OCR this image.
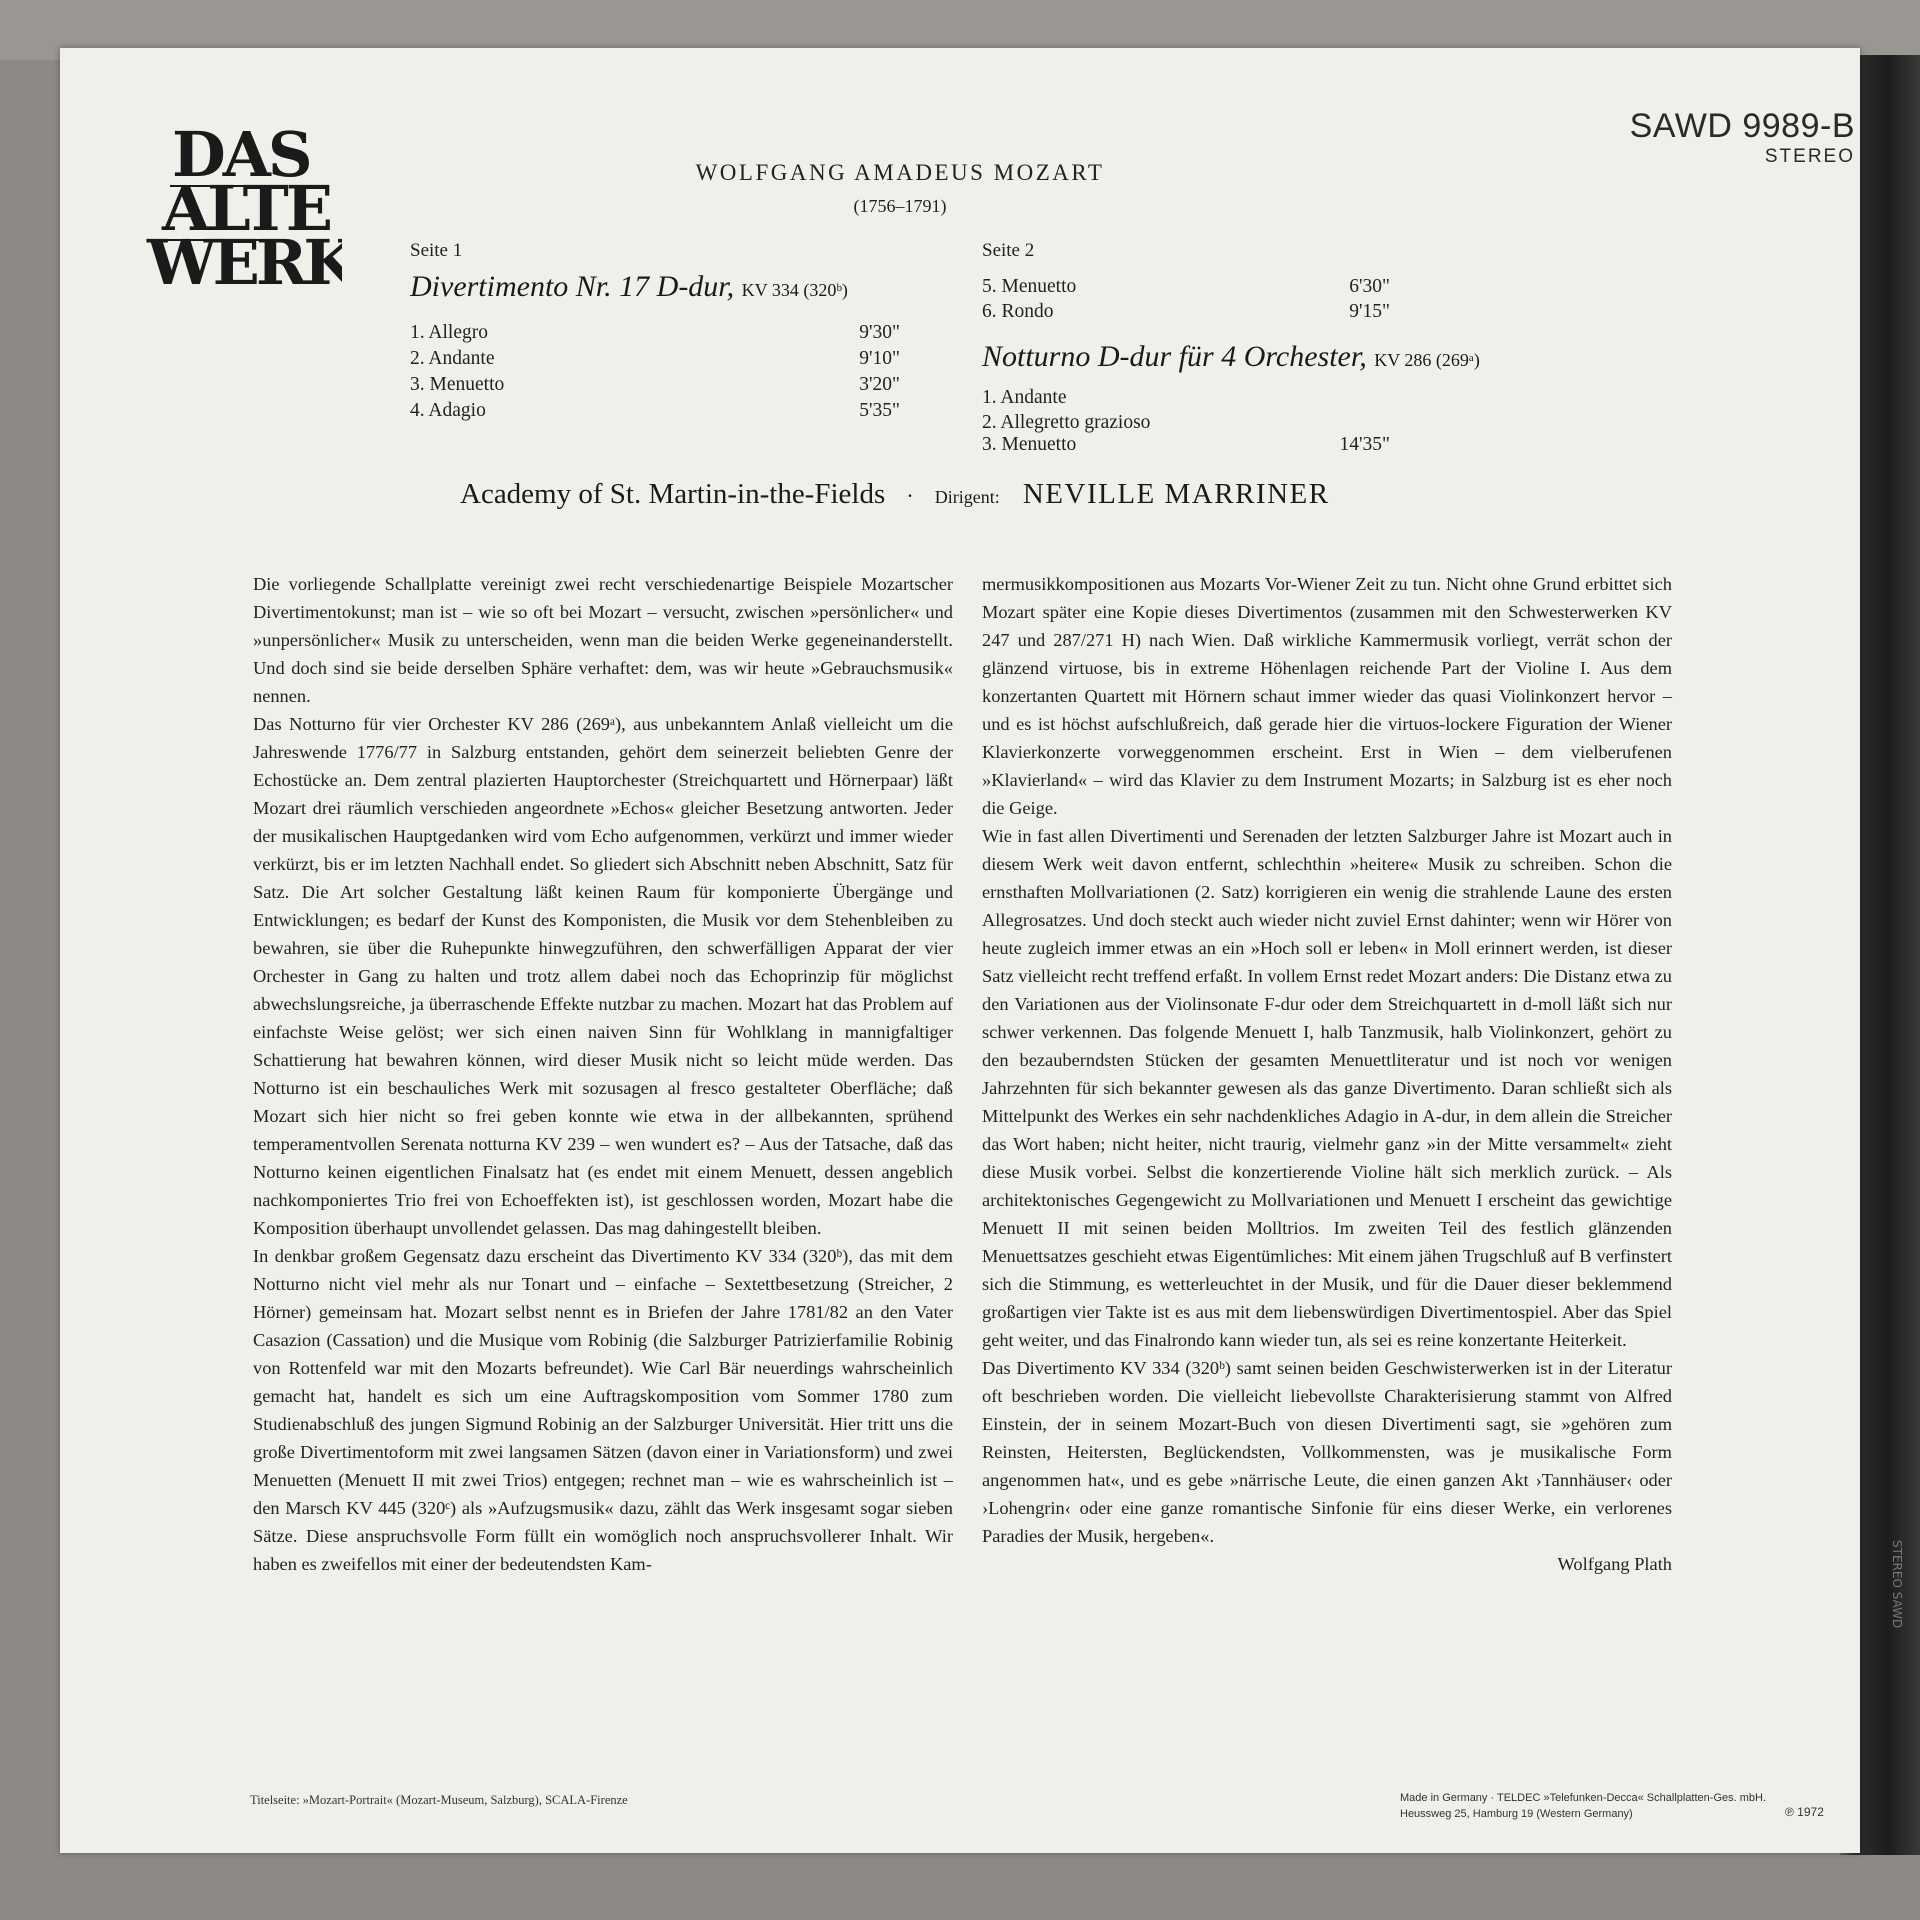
STEREO SAWD
DAS
ALTE
WERK
SAWD 9989-B
STEREO
WOLFGANG AMADEUS MOZART
(1756–1791)
Seite 1
Divertimento Nr. 17 D-dur, KV 334 (320ᵇ)
1. Allegro	9'30"
2. Andante	9'10"
3. Menuetto	3'20"
4. Adagio	5'35"
Seite 2
5. Menuetto	6'30"
6. Rondo	9'15"
Notturno D-dur für 4 Orchester, KV 286 (269ᵃ)
1. Andante
2. Allegretto grazioso
3. Menuetto	14'35"
Academy of St. Martin-in-the-Fields · Dirigent: NEVILLE MARRINER

Die vorliegende Schallplatte vereinigt zwei recht verschiedenartige Beispiele Mozartscher Divertimentokunst; man ist – wie so oft bei Mozart – versucht, zwischen »persönlicher« und »unpersönlicher« Musik zu unterscheiden, wenn man die beiden Werke gegeneinanderstellt. Und doch sind sie beide derselben Sphäre verhaftet: dem, was wir heute »Gebrauchsmusik« nennen.

Das Notturno für vier Orchester KV 286 (269ᵃ), aus unbekanntem Anlaß vielleicht um die Jahreswende 1776/77 in Salzburg entstanden, gehört dem seinerzeit beliebten Genre der Echostücke an. Dem zentral plazierten Hauptorchester (Streichquartett und Hörnerpaar) läßt Mozart drei räumlich verschieden angeordnete »Echos« gleicher Besetzung antworten. Jeder der musikalischen Hauptgedanken wird vom Echo aufgenommen, verkürzt und immer wieder verkürzt, bis er im letzten Nachhall endet. So gliedert sich Abschnitt neben Abschnitt, Satz für Satz. Die Art solcher Gestaltung läßt keinen Raum für komponierte Übergänge und Entwicklungen; es bedarf der Kunst des Komponisten, die Musik vor dem Stehenbleiben zu bewahren, sie über die Ruhepunkte hinwegzuführen, den schwerfälligen Apparat der vier Orchester in Gang zu halten und trotz allem dabei noch das Echoprinzip für möglichst abwechslungsreiche, ja überraschende Effekte nutzbar zu machen. Mozart hat das Problem auf einfachste Weise gelöst; wer sich einen naiven Sinn für Wohlklang in mannigfaltiger Schattierung hat bewahren können, wird dieser Musik nicht so leicht müde werden. Das Notturno ist ein beschauliches Werk mit sozusagen al fresco gestalteter Oberfläche; daß Mozart sich hier nicht so frei geben konnte wie etwa in der allbekannten, sprühend temperamentvollen Serenata notturna KV 239 – wen wundert es? – Aus der Tatsache, daß das Notturno keinen eigentlichen Finalsatz hat (es endet mit einem Menuett, dessen angeblich nachkomponiertes Trio frei von Echoeffekten ist), ist geschlossen worden, Mozart habe die Komposition überhaupt unvollendet gelassen. Das mag dahingestellt bleiben.

In denkbar großem Gegensatz dazu erscheint das Divertimento KV 334 (320ᵇ), das mit dem Notturno nicht viel mehr als nur Tonart und – einfache – Sextettbesetzung (Streicher, 2 Hörner) gemeinsam hat. Mozart selbst nennt es in Briefen der Jahre 1781/82 an den Vater Casazion (Cassation) und die Musique vom Robinig (die Salzburger Patrizierfamilie Robinig von Rottenfeld war mit den Mozarts befreundet). Wie Carl Bär neuerdings wahrscheinlich gemacht hat, handelt es sich um eine Auftragskomposition vom Sommer 1780 zum Studienabschluß des jungen Sigmund Robinig an der Salzburger Universität. Hier tritt uns die große Divertimentoform mit zwei langsamen Sätzen (davon einer in Variationsform) und zwei Menuetten (Menuett II mit zwei Trios) entgegen; rechnet man – wie es wahrscheinlich ist – den Marsch KV 445 (320ᶜ) als »Aufzugsmusik« dazu, zählt das Werk insgesamt sogar sieben Sätze. Diese anspruchsvolle Form füllt ein womöglich noch anspruchsvollerer Inhalt. Wir haben es zweifellos mit einer der bedeutendsten Kam-

mermusikkompositionen aus Mozarts Vor-Wiener Zeit zu tun. Nicht ohne Grund erbittet sich Mozart später eine Kopie dieses Divertimentos (zusammen mit den Schwesterwerken KV 247 und 287/271 H) nach Wien. Daß wirkliche Kammermusik vorliegt, verrät schon der glänzend virtuose, bis in extreme Höhenlagen reichende Part der Violine I. Aus dem konzertanten Quartett mit Hörnern schaut immer wieder das quasi Violinkonzert hervor – und es ist höchst aufschlußreich, daß gerade hier die virtuos-lockere Figuration der Wiener Klavierkonzerte vorweggenommen erscheint. Erst in Wien – dem vielberufenen »Klavierland« – wird das Klavier zu dem Instrument Mozarts; in Salzburg ist es eher noch die Geige.

Wie in fast allen Divertimenti und Serenaden der letzten Salzburger Jahre ist Mozart auch in diesem Werk weit davon entfernt, schlechthin »heitere« Musik zu schreiben. Schon die ernsthaften Mollvariationen (2. Satz) korrigieren ein wenig die strahlende Laune des ersten Allegrosatzes. Und doch steckt auch wieder nicht zuviel Ernst dahinter; wenn wir Hörer von heute zugleich immer etwas an ein »Hoch soll er leben« in Moll erinnert werden, ist dieser Satz vielleicht recht treffend erfaßt. In vollem Ernst redet Mozart anders: Die Distanz etwa zu den Variationen aus der Violinsonate F-dur oder dem Streichquartett in d-moll läßt sich nur schwer verkennen. Das folgende Menuett I, halb Tanzmusik, halb Violinkonzert, gehört zu den bezauberndsten Stücken der gesamten Menuettliteratur und ist noch vor wenigen Jahrzehnten für sich bekannter gewesen als das ganze Divertimento. Daran schließt sich als Mittelpunkt des Werkes ein sehr nachdenkliches Adagio in A-dur, in dem allein die Streicher das Wort haben; nicht heiter, nicht traurig, vielmehr ganz »in der Mitte versammelt« zieht diese Musik vorbei. Selbst die konzertierende Violine hält sich merklich zurück. – Als architektonisches Gegengewicht zu Mollvariationen und Menuett I erscheint das gewichtige Menuett II mit seinen beiden Molltrios. Im zweiten Teil des festlich glänzenden Menuettsatzes geschieht etwas Eigentümliches: Mit einem jähen Trugschluß auf B verfinstert sich die Stimmung, es wetterleuchtet in der Musik, und für die Dauer dieser beklemmend großartigen vier Takte ist es aus mit dem liebenswürdigen Divertimentospiel. Aber das Spiel geht weiter, und das Finalrondo kann wieder tun, als sei es reine konzertante Heiterkeit.

Das Divertimento KV 334 (320ᵇ) samt seinen beiden Geschwisterwerken ist in der Literatur oft beschrieben worden. Die vielleicht liebevollste Charakterisierung stammt von Alfred Einstein, der in seinem Mozart-Buch von diesen Divertimenti sagt, sie »gehören zum Reinsten, Heitersten, Beglückendsten, Vollkommensten, was je musikalische Form angenommen hat«, und es gebe »närrische Leute, die einen ganzen Akt ›Tannhäuser‹ oder ›Lohengrin‹ oder eine ganze romantische Sinfonie für eins dieser Werke, ein verlorenes Paradies der Musik, hergeben«.

Wolfgang Plath

Titelseite: »Mozart-Portrait« (Mozart-Museum, Salzburg), SCALA-Firenze	Made in Germany · TELDEC »Telefunken-Decca« Schallplatten-Ges. mbH.
Heussweg 25, Hamburg 19 (Western Germany)	℗ 1972
